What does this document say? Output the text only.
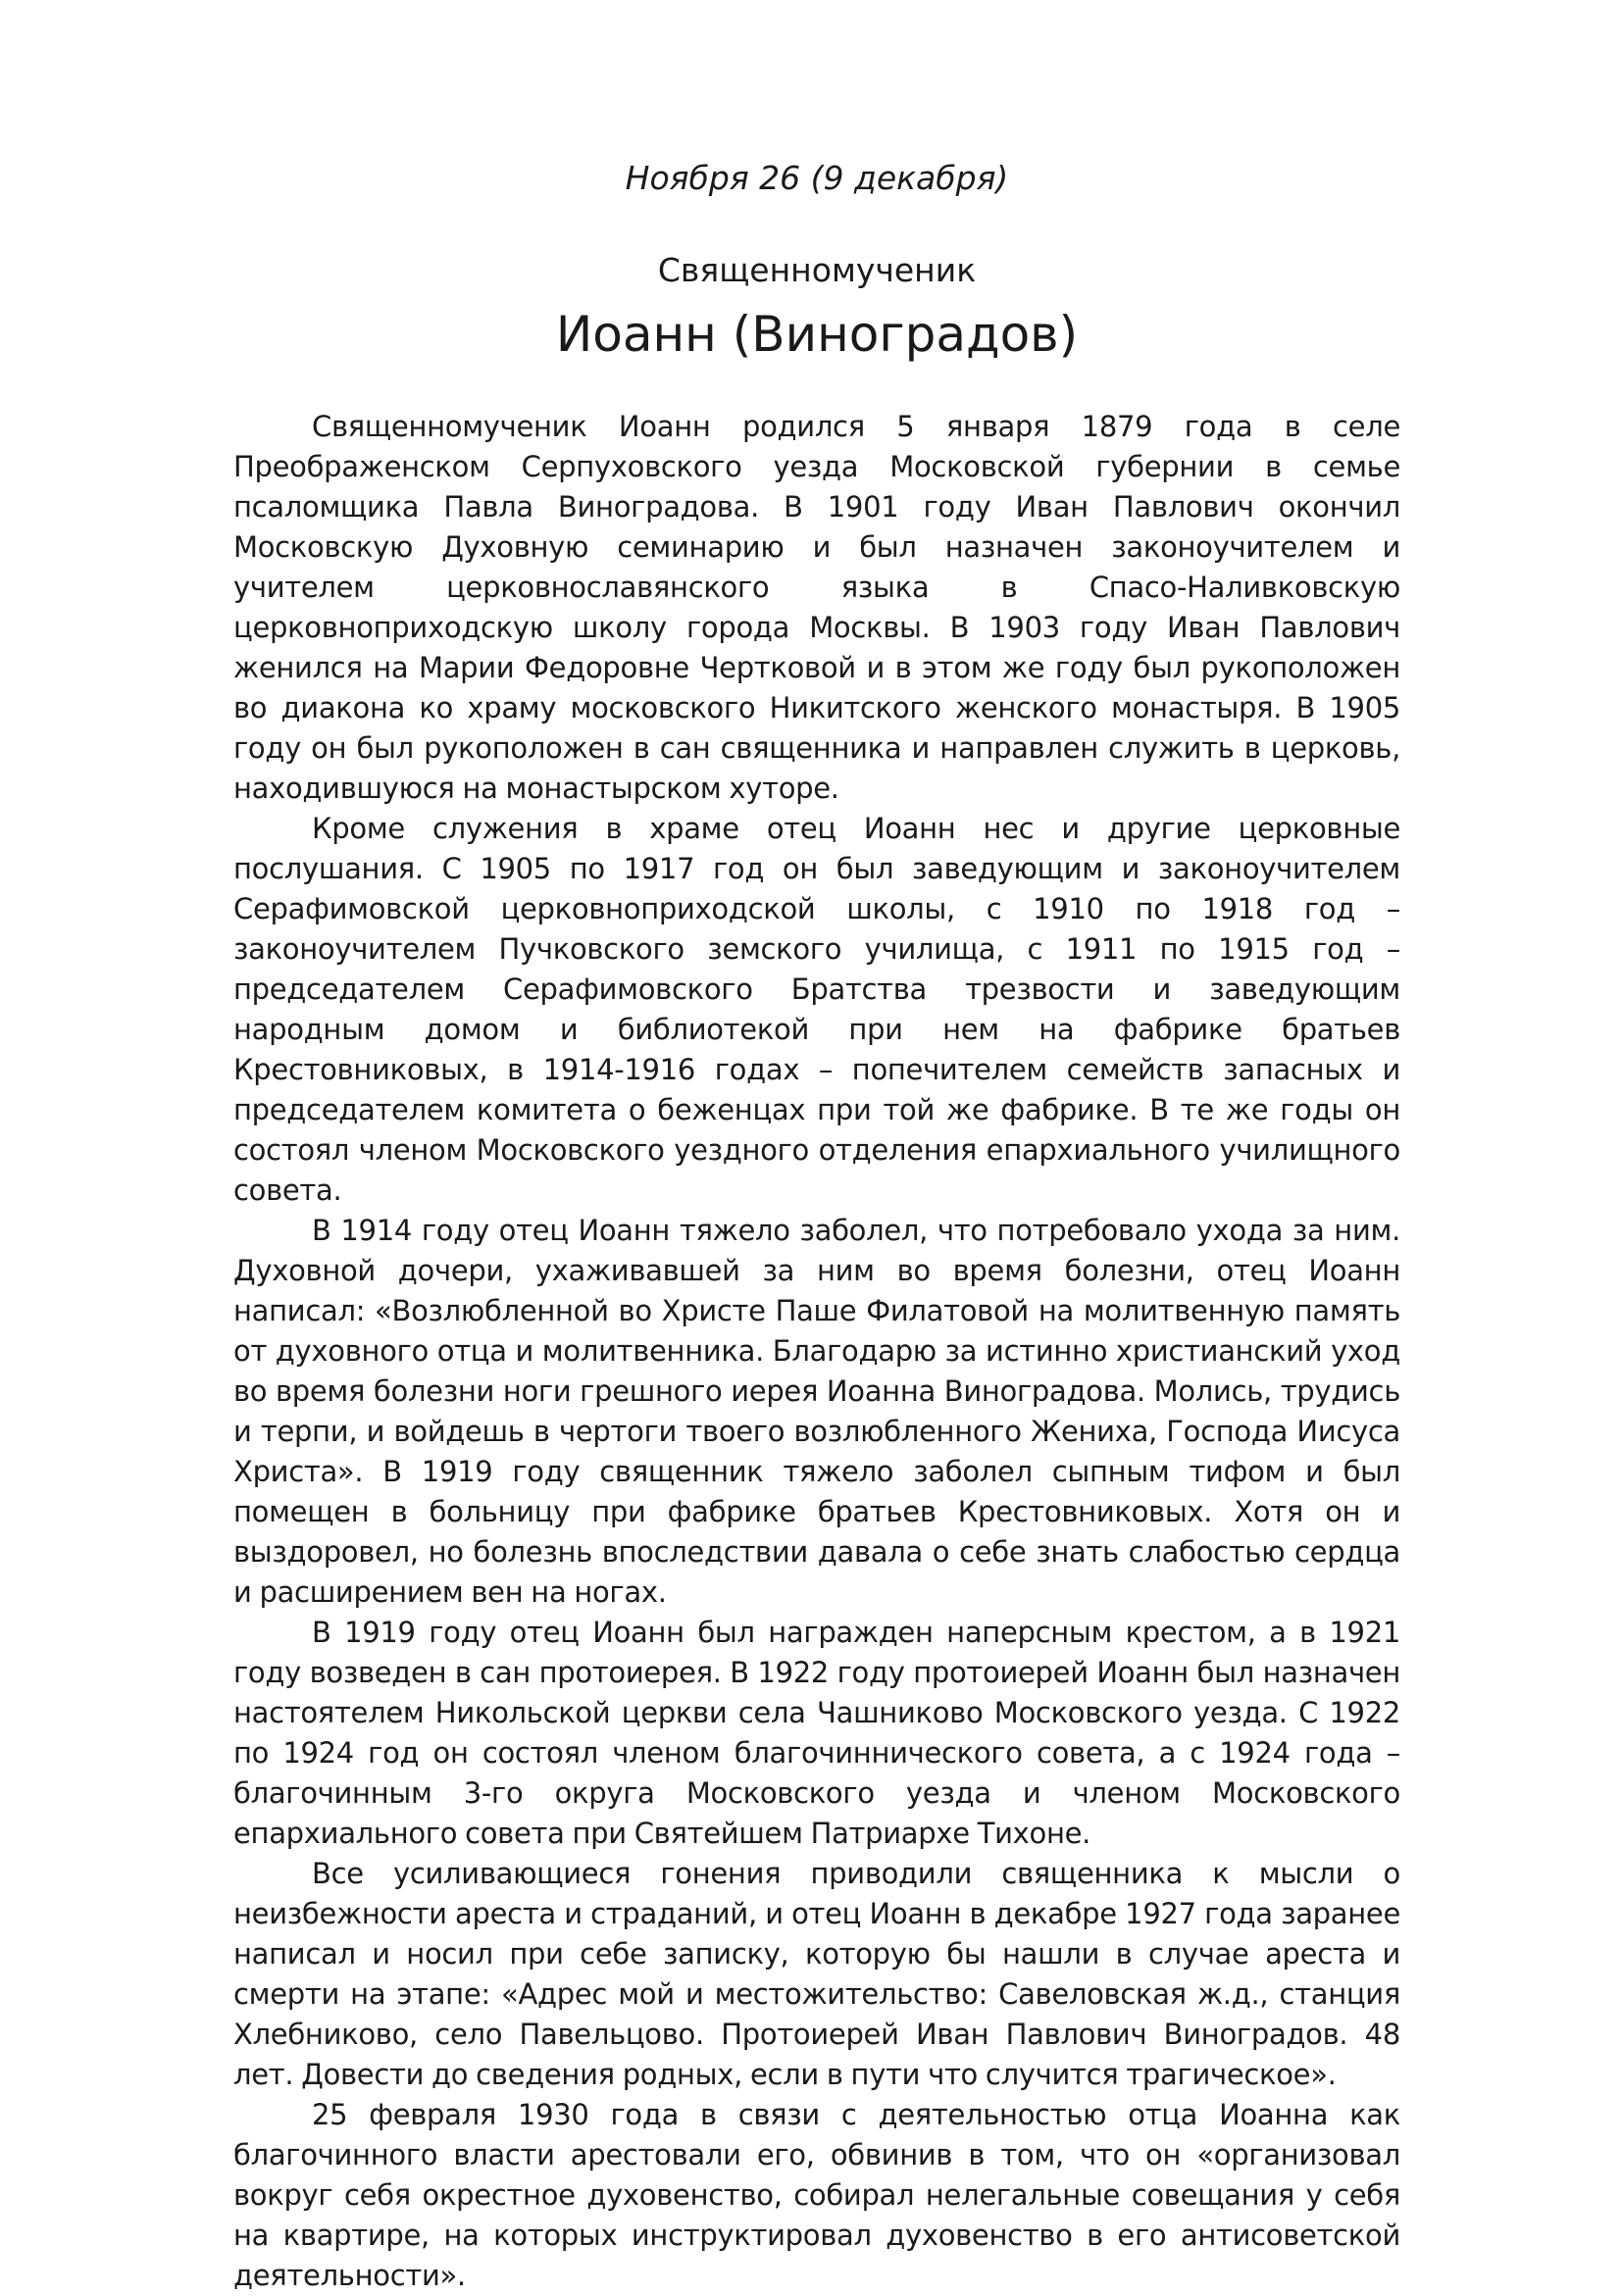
Ноября 26 (9 декабря)
Священномученик
Иоанн (Виноградов)

Священномученик Иоанн родился 5 января 1879 года в селе Преображенском Серпуховского уезда Московской губернии в семье псаломщика Павла Виноградова. В 1901 году Иван Павлович окончил Московскую Духовную семинарию и был назначен законоучителем и учителем церковнославянского языка в Спасо-Наливковскую церковноприходскую школу города Москвы. В 1903 году Иван Павлович женился на Марии Федоровне Чертковой и в этом же году был рукоположен во диакона ко храму московского Никитского женского монастыря. В 1905 году он был рукоположен в сан священника и направлен служить в церковь, находившуюся на монастырском хуторе.

Кроме служения в храме отец Иоанн нес и другие церковные послушания. С 1905 по 1917 год он был заведующим и законоучителем Серафимовской церковноприходской школы, с 1910 по 1918 год – законоучителем Пучковского земского училища, с 1911 по 1915 год – председателем Серафимовского Братства трезвости и заведующим народным домом и библиотекой при нем на фабрике братьев Крестовниковых, в 1914-1916 годах – попечителем семейств запасных и председателем комитета о беженцах при той же фабрике. В те же годы он состоял членом Московского уездного отделения епархиального училищного совета.

В 1914 году отец Иоанн тяжело заболел, что потребовало ухода за ним. Духовной дочери, ухаживавшей за ним во время болезни, отец Иоанн написал: «Возлюбленной во Христе Паше Филатовой на молитвенную память от духовного отца и молитвенника. Благодарю за истинно христианский уход во время болезни ноги грешного иерея Иоанна Виноградова. Молись, трудись и терпи, и войдешь в чертоги твоего возлюбленного Жениха, Господа Иисуса Христа». В 1919 году священник тяжело заболел сыпным тифом и был помещен в больницу при фабрике братьев Крестовниковых. Хотя он и выздоровел, но болезнь впоследствии давала о себе знать слабостью сердца и расширением вен на ногах.

В 1919 году отец Иоанн был награжден наперсным крестом, а в 1921 году возведен в сан протоиерея. В 1922 году протоиерей Иоанн был назначен настоятелем Никольской церкви села Чашниково Московского уезда. С 1922 по 1924 год он состоял членом благочиннического совета, а с 1924 года – благочинным 3-го округа Московского уезда и членом Московского епархиального совета при Святейшем Патриархе Тихоне.

Все усиливающиеся гонения приводили священника к мысли о неизбежности ареста и страданий, и отец Иоанн в декабре 1927 года заранее написал и носил при себе записку, которую бы нашли в случае ареста и смерти на этапе: «Адрес мой и местожительство: Савеловская ж.д., станция Хлебниково, село Павельцово. Протоиерей Иван Павлович Виноградов. 48 лет. Довести до сведения родных, если в пути что случится трагическое».

25 февраля 1930 года в связи с деятельностью отца Иоанна как благочинного власти арестовали его, обвинив в том, что он «организовал вокруг себя окрестное духовенство, собирал нелегальные совещания у себя на квартире, на которых инструктировал духовенство в его антисоветской деятельности».
